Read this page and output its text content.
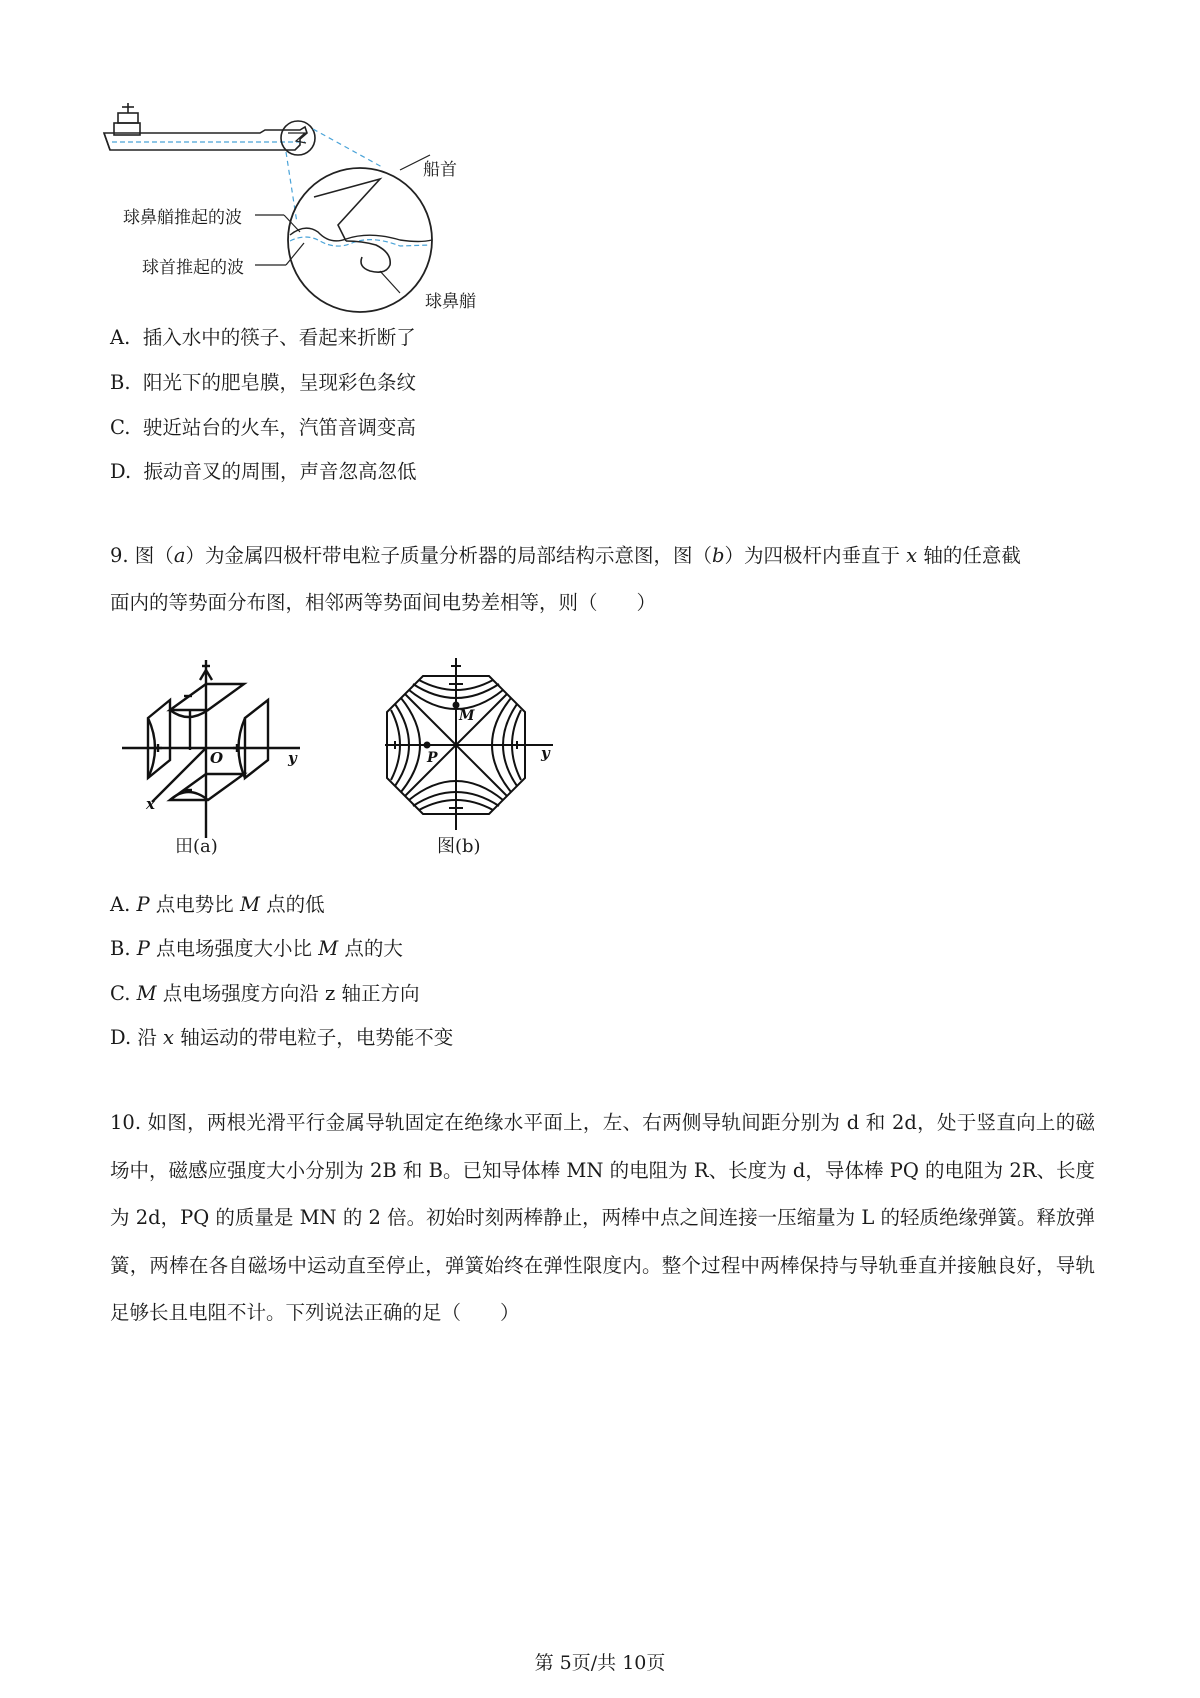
船首
球鼻艏推起的波
球首推起的波
球鼻艏
A. 插入水中的筷子、看起来折断了
B. 阳光下的肥皂膜，呈现彩色条纹
C. 驶近站台的火车，汽笛音调变高
D. 振动音叉的周围，声音忽高忽低
9. 图（a）为金属四极杆带电粒子质量分析器的局部结构示意图，图（b）为四极杆内垂直于 x 轴的任意截
面内的等势面分布图，相邻两等势面间电势差相等，则（　　）
O	y
x
田(a)
M
P	y
图(b)
A. P 点电势比 M 点的低
B. P 点电场强度大小比 M 点的大
C. M 点电场强度方向沿 z 轴正方向
D. 沿 x 轴运动的带电粒子，电势能不变
10. 如图，两根光滑平行金属导轨固定在绝缘水平面上，左、右两侧导轨间距分别为 d 和 2d，处于竖直向上的磁场中，磁感应强度大小分别为 2B 和 B。已知导体棒 MN 的电阻为 R、长度为 d，导体棒 PQ 的电阻为 2R、长度为 2d，PQ 的质量是 MN 的 2 倍。初始时刻两棒静止，两棒中点之间连接一压缩量为 L 的轻质绝缘弹簧。释放弹簧，两棒在各自磁场中运动直至停止，弹簧始终在弹性限度内。整个过程中两棒保持与导轨垂直并接触良好，导轨足够长且电阻不计。下列说法正确的足（　　）
第 5页/共 10页
